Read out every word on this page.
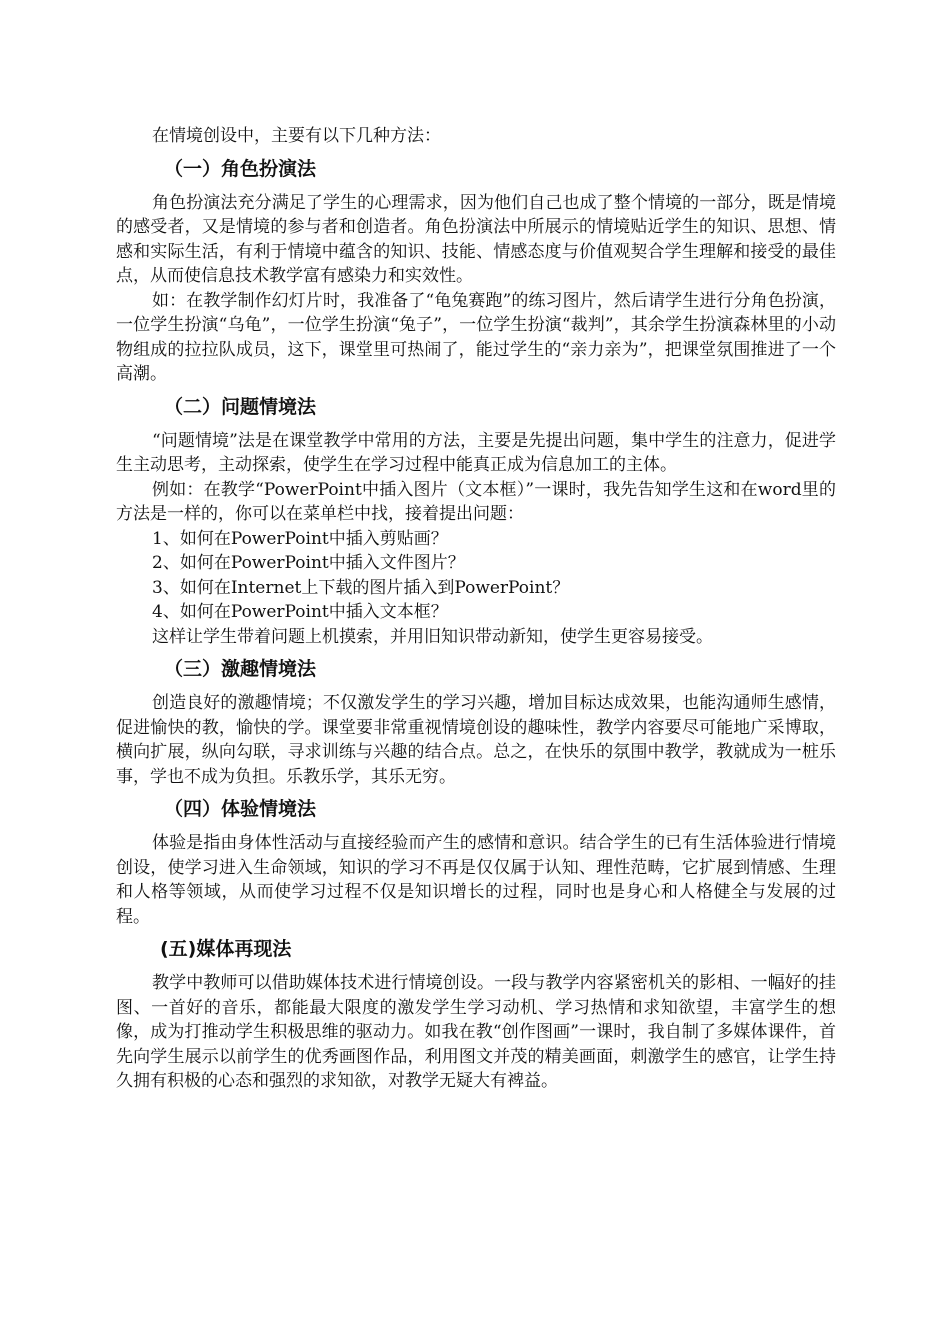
在情境创设中，主要有以下几种方法：

（一）角色扮演法

角色扮演法充分满足了学生的心理需求，因为他们自己也成了整个情境的一部分，既是情境的感受者，又是情境的参与者和创造者。角色扮演法中所展示的情境贴近学生的知识、思想、情感和实际生活，有利于情境中蕴含的知识、技能、情感态度与价值观契合学生理解和接受的最佳点，从而使信息技术教学富有感染力和实效性。

如：在教学制作幻灯片时，我准备了“龟兔赛跑”的练习图片，然后请学生进行分角色扮演，一位学生扮演“乌龟”，一位学生扮演“兔子”，一位学生扮演“裁判”，其余学生扮演森林里的小动物组成的拉拉队成员，这下，课堂里可热闹了，能过学生的“亲力亲为”，把课堂氛围推进了一个高潮。

（二）问题情境法

“问题情境”法是在课堂教学中常用的方法，主要是先提出问题，集中学生的注意力，促进学生主动思考，主动探索，使学生在学习过程中能真正成为信息加工的主体。

例如：在教学“PowerPoint中插入图片（文本框）”一课时，我先告知学生这和在word里的方法是一样的，你可以在菜单栏中找，接着提出问题：

1、如何在PowerPoint中插入剪贴画？

2、如何在PowerPoint中插入文件图片？

3、如何在Internet上下载的图片插入到PowerPoint？

4、如何在PowerPoint中插入文本框？

这样让学生带着问题上机摸索，并用旧知识带动新知，使学生更容易接受。

（三）激趣情境法

创造良好的激趣情境；不仅激发学生的学习兴趣，增加目标达成效果，也能沟通师生感情，促进愉快的教，愉快的学。课堂要非常重视情境创设的趣味性，教学内容要尽可能地广采博取，横向扩展，纵向勾联，寻求训练与兴趣的结合点。总之，在快乐的氛围中教学，教就成为一桩乐事，学也不成为负担。乐教乐学，其乐无穷。

（四）体验情境法

体验是指由身体性活动与直接经验而产生的感情和意识。结合学生的已有生活体验进行情境创设，使学习进入生命领域，知识的学习不再是仅仅属于认知、理性范畴，它扩展到情感、生理和人格等领域，从而使学习过程不仅是知识增长的过程，同时也是身心和人格健全与发展的过程。

(五)媒体再现法

教学中教师可以借助媒体技术进行情境创设。一段与教学内容紧密机关的影相、一幅好的挂图、一首好的音乐，都能最大限度的激发学生学习动机、学习热情和求知欲望，丰富学生的想像，成为打推动学生积极思维的驱动力。如我在教“创作图画”一课时，我自制了多媒体课件，首先向学生展示以前学生的优秀画图作品，利用图文并茂的精美画面，刺激学生的感官，让学生持久拥有积极的心态和强烈的求知欲，对教学无疑大有裨益。
